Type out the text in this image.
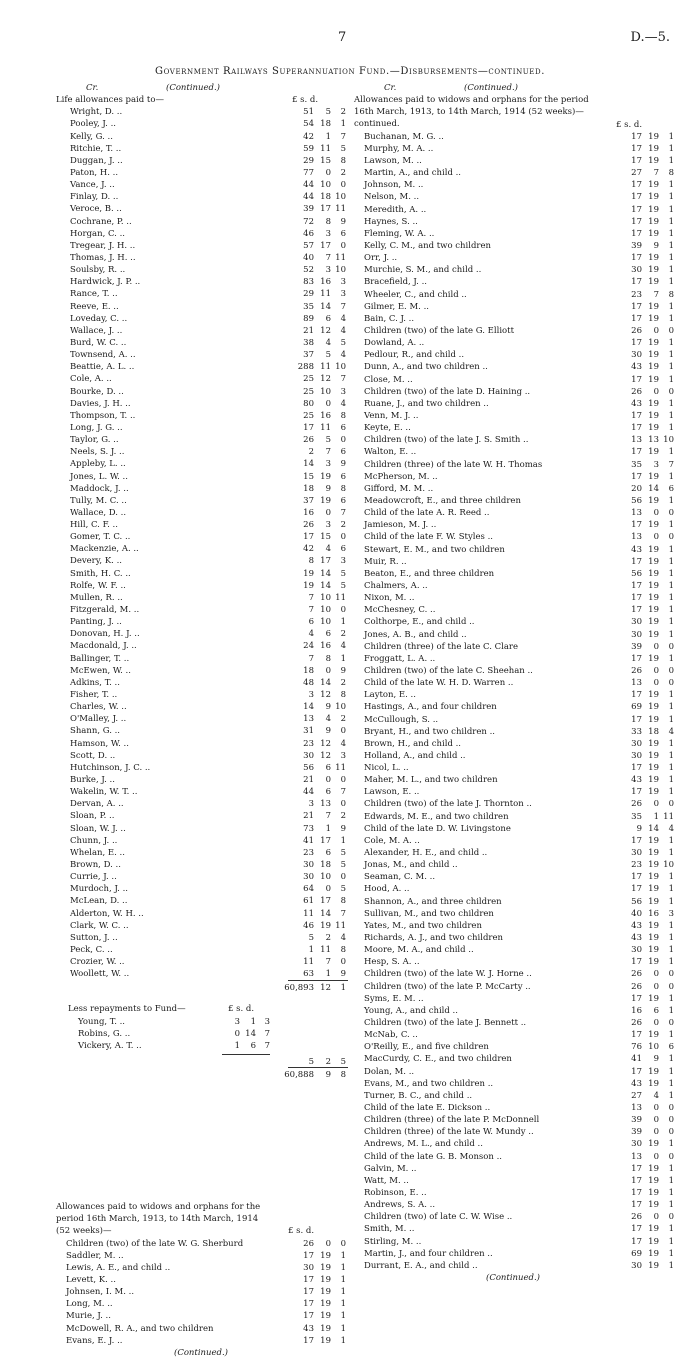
7	D.—5.
Government Railways Superannuation Fund.—Disbursements—continued.
Cr.	(Continued.)
Life allowances paid to—	£ s. d.
Wright, D. ..	51	5	2
Pooley, J. ..	54 18	1
Kelly, G. ..	42	1	7
Ritchie, T. ..	59 11	5
Duggan, J. ..	29 15	8
Paton, H. ..	77	0	2
Vance, J. ..	44 10	0
Finlay, D. ..	44 18 10
Veroce, B. ..	39 17 11
Cochrane, P. ..	72	8	9
Horgan, C. ..	46	3	6
Tregear, J. H. ..	57 17	0
Thomas, J. H. ..	40	7 11
Soulsby, R. ..	52	3 10
Hardwick, J. P. ..	83 16	3
Rance, T. ..	29 11	3
Reeve, E. ..	35 14	7
Loveday, C. ..	89	6	4
Wallace, J. ..	21 12	4
Burd, W. C. ..	38	4	5
Townsend, A. ..	37	5	4
Beattie, A. L. ..	288 11 10
Cole, A. ..	25 12	7
Bourke, D. ..	25 10	3
Davies, J. H. ..	80	0	4
Thompson, T. ..	25 16	8
Long, J. G. ..	17 11	6
Taylor, G. ..	26	5	0
Neels, S. J. ..	2	7	6
Appleby, L. ..	14	3	9
Jones, L. W. ..	15 19	6
Maddock, J. ..	18	9	8
Tully, M. C. ..	37 19	6
Wallace, D. ..	16	0	7
Hill, C. F. ..	26	3	2
Gomer, T. C. ..	17 15	0
Mackenzie, A. ..	42	4	6
Devery, K. ..	8 17	3
Smith, H. C. ..	19 14	5
Rolfe, W. F. ..	19 14	5
Mullen, R. ..	7 10 11
Fitzgerald, M. ..	7 10	0
Panting, J. ..	6 10	1
Donovan, H. J. ..	4	6	2
Macdonald, J. ..	24 16	4
Ballinger, T. ..	7	8	1
McEwen, W. ..	18	0	9
Adkins, T. ..	48 14	2
Fisher, T. ..	3 12	8
Charles, W. ..	14	9 10
O'Malley, J. ..	13	4	2
Shann, G. ..	31	9	0
Hamson, W. ..	23 12	4
Scott, D. ..	30 12	3
Hutchinson, J. C. ..	56	6 11
Burke, J. ..	21	0	0
Wakelin, W. T. ..	44	6	7
Dervan, A. ..	3 13	0
Sloan, P. ..	21	7	2
Sloan, W. J. ..	73	1	9
Chunn, J. ..	41 17	1
Whelan, E. ..	23	6	5
Brown, D. ..	30 18	5
Currie, J. ..	30 10	0
Murdoch, J. ..	64	0	5
McLean, D. ..	61 17	8
Alderton, W. H. ..	11 14	7
Clark, W. C. ..	46 19 11
Sutton, J. ..	5	2	4
Peck, C. ..	1 11	8
Crozier, W. ..	11	7	0
Woollett, W. ..	63	1	9
60,893 12	1
Less repayments to Fund—	£ s. d.
Young, T. ..	3	1	3
Robins, G. ..	0 14	7
Vickery, A. T. ..	1	6	7
5	2	5
60,888	9	8
Allowances paid to widows and orphans for the period 16th March, 1913, to 14th March, 1914 (52 weeks)—	£ s. d.
Children (two) of the late W. G. Sherburd	26	0	0
Saddler, M. ..	17 19	1
Lewis, A. E., and child ..	30 19	1
Levett, K. ..	17 19	1
Johnsen, I. M. ..	17 19	1
Long, M. ..	17 19	1
Murie, J. ..	17 19	1
McDowell, R. A., and two children	43 19	1
Evans, E. J. ..	17 19	1
(Continued.)
Cr.	(Continued.)
Allowances paid to widows and orphans for the period 16th March, 1913, to 14th March, 1914 (52 weeks)—continued.	£ s. d.
Buchanan, M. G. ..	17 19	1
Murphy, M. A. ..	17 19	1
Lawson, M. ..	17 19	1
Martin, A., and child ..	27	7	8
Johnson, M. ..	17 19	1
Nelson, M. ..	17 19	1
Meredith, A. ..	17 19	1
Haynes, S. ..	17 19	1
Fleming, W. A. ..	17 19	1
Kelly, C. M., and two children	39	9	1
Orr, J. ..	17 19	1
Murchie, S. M., and child ..	30 19	1
Bracefield, J. ..	17 19	1
Wheeler, C., and child ..	23	7	8
Gilmer, E. M. ..	17 19	1
Bain, C. J. ..	17 19	1
Children (two) of the late G. Elliott	26	0	0
Dowland, A. ..	17 19	1
Pedlour, R., and child ..	30 19	1
Dunn, A., and two children ..	43 19	1
Close, M. ..	17 19	1
Children (two) of the late D. Haining ..	26	0	0
Ruane, J., and two children ..	43 19	1
Venn, M. J. ..	17 19	1
Keyte, E. ..	17 19	1
Children (two) of the late J. S. Smith ..	13 13 10
Walton, E. ..	17 19	1
Children (three) of the late W. H. Thomas	35	3	7
McPherson, M. ..	17 19	1
Gifford, M. M. ..	20 14	6
Meadowcroft, E., and three children	56 19	1
Child of the late A. R. Reed ..	13	0	0
Jamieson, M. J. ..	17 19	1
Child of the late F. W. Styles ..	13	0	0
Stewart, E. M., and two children	43 19	1
Muir, R. ..	17 19	1
Beaton, E., and three children	56 19	1
Chalmers, A. ..	17 19	1
Nixon, M. ..	17 19	1
McChesney, C. ..	17 19	1
Colthorpe, E., and child ..	30 19	1
Jones, A. B., and child ..	30 19	1
Children (three) of the late C. Clare	39	0	0
Froggatt, L. A. ..	17 19	1
Children (two) of the late C. Sheehan ..	26	0	0
Child of the late W. H. D. Warren ..	13	0	0
Layton, E. ..	17 19	1
Hastings, A., and four children	69 19	1
McCullough, S. ..	17 19	1
Bryant, H., and two children ..	33 18	4
Brown, H., and child ..	30 19	1
Holland, A., and child ..	30 19	1
Nicol, L. ..	17 19	1
Maher, M. L., and two children	43 19	1
Lawson, E. ..	17 19	1
Children (two) of the late J. Thornton ..	26	0	0
Edwards, M. E., and two children	35	1 11
Child of the late D. W. Livingstone	9 14	4
Cole, M. A. ..	17 19	1
Alexander, H. E., and child ..	30 19	1
Jonas, M., and child ..	23 19 10
Seaman, C. M. ..	17 19	1
Hood, A. ..	17 19	1
Shannon, A., and three children	56 19	1
Sullivan, M., and two children	40 16	3
Yates, M., and two children	43 19	1
Richards, A. J., and two children	43 19	1
Moore, M. A., and child ..	30 19	1
Hesp, S. A. ..	17 19	1
Children (two) of the late W. J. Horne ..	26	0	0
Children (two) of the late P. McCarty ..	26	0	0
Syms, E. M. ..	17 19	1
Young, A., and child ..	16	6	1
Children (two) of the late J. Bennett ..	26	0	0
McNab, C. ..	17 19	1
O'Reilly, E., and five children	76 10	6
MacCurdy, C. E., and two children	41	9	1
Dolan, M. ..	17 19	1
Evans, M., and two children ..	43 19	1
Turner, B. C., and child ..	27	4	1
Child of the late E. Dickson ..	13	0	0
Children (three) of the late P. McDonnell	39	0	0
Children (three) of the late W. Mundy ..	39	0	0
Andrews, M. L., and child ..	30 19	1
Child of the late G. B. Monson ..	13	0	0
Galvin, M. ..	17 19	1
Watt, M. ..	17 19	1
Robinson, E. ..	17 19	1
Andrews, S. A. ..	17 19	1
Children (two) of late C. W. Wise ..	26	0	0
Smith, M. ..	17 19	1
Stirling, M. ..	17 19	1
Martin, J., and four children ..	69 19	1
Durrant, E. A., and child ..	30 19	1
(Continued.)
